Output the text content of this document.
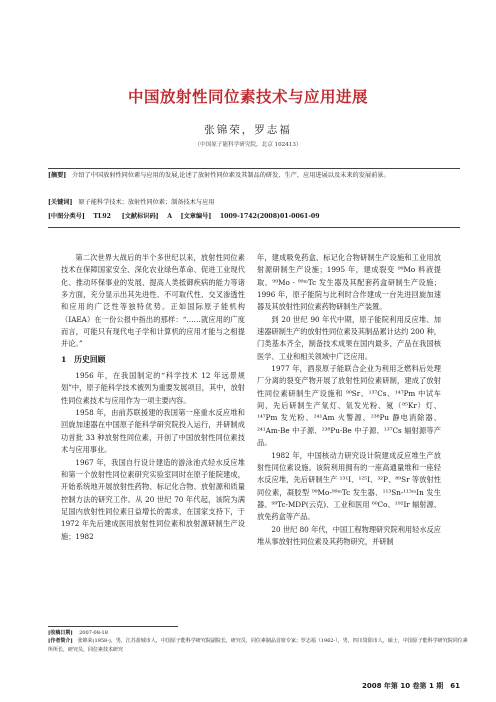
中国放射性同位素技术与应用进展
张锦荣，罗志福
（中国原子能科学研究院，北京 102413）
[摘要] 介绍了中国放射性同位素与应用的发展,论述了放射性同位素及其制品的研发、生产、应用进展以及未来的发展前景。
[关键词] 原子能科学技术；放射性同位素；制备技术与应用
[中图分类号] TL92 [文献标识码] A [文章编号] 1009-1742(2008)01-0061-09

第二次世界大战后的半个多世纪以来，放射性同位素技术在保障国家安全、深化农业绿色革命、促进工业现代化、推动环保事业的发展、提高人类抵御疾病的能力等诸多方面，充分显示出其先进性、不可取代性、交叉渗透性和应用的广泛性等独特优势。正如国际原子能机构（IAEA）在一份公报中指出的那样：“……就应用的广度而言，可能只有现代电子学和计算机的应用才能与之相提并论。”

1　历史回顾

1956 年，在我国制定的“科学技术 12 年远景规划”中，原子能科学技术被列为重要发展项目，其中，放射性同位素技术与应用作为一项主要内容。

1958 年，由前苏联援建的我国第一座重水反应堆和回旋加速器在中国原子能科学研究院投入运行，并研制成功首批 33 种放射性同位素，开创了中国放射性同位素技术与应用事业。

1967 年，我国自行设计建造的游泳池式轻水反应堆和第一个放射性同位素研究实验室同时在原子能院建成，开始系统地开展放射性药物、标记化合物、放射源和质量控制方法的研究工作。从 20 世纪 70 年代起，该院为满足国内放射性同位素日益增长的需求，在国家支持下，于 1972 年先后建成医用放射性同位素和放射源研制生产设施；1982

年，建成吸免药盒、标记化合物研制生产设施和工业用放射源研制生产设施；1995 年，建成裂变 ⁹⁹Mo 料液提取、⁹⁹Mo - ⁹⁹ᵐTc 发生器及其配套药盒研制生产设施；1996 年，原子能院与比利时合作建成一台先进回旋加速器及其放射性同位素药物研制生产装置。

到 20 世纪 90 年代中期，原子能院利用反应堆、加速器研制生产的放射性同位素及其制品累计达约 200 种，门类基本齐全，制备技术成果在国内最多，产品在我国核医学、工业和相关领域中广泛应用。

1977 年，酒泉原子能联合企业为利用乏燃料后处理厂分离的裂变产物开展了放射性同位素研制，建成了放射性同位素研制生产设施和 ⁹⁰Sr、¹³⁷Cs、¹⁴⁷Pm 中试车间，先后研制生产氚灯、氚发光粉、氪（⁸⁵Kr）灯、¹⁴⁷Pm 发光粉、²⁴¹Am 火警源、²³⁸Pu 静电消除器、²⁴¹Am-Be 中子源、²³⁸Pu-Be 中子源、¹³⁷Cs 辐射源等产品。

1982 年，中国核动力研究设计院建成反应堆生产放射性同位素设施。该院利用拥有的一座高通量堆和一座轻水反应堆，先后研制生产 ¹³¹I、¹²⁵I、³²P、⁸⁹Sr 等放射性同位素，凝胶型 ⁹⁹Mo-⁹⁹ᵐTc 发生器、¹¹³Sn-¹¹³ᵐIn 发生器、⁹⁹Tc-MDP(云克)、工业和医用 ⁶⁰Co、¹⁹²Ir 辐射源、放免药盒等产品。

20 世纪 80 年代，中国工程物理研究院利用轻水反应堆从事放射性同位素及其药物研究，并研制

[收稿日期] 2007-08-18
[作者简介] 张锦荣(1958-)，男，江苏盐城市人，中国原子能科学研究院副院长，研究员，同位素制品首席专家；罗志福（1962-），男，四川资阳市人，硕士，中国原子能科学研究院同位素所所长，研究员，同位素技术研究
2008 年第 10 卷第 1 期　61
